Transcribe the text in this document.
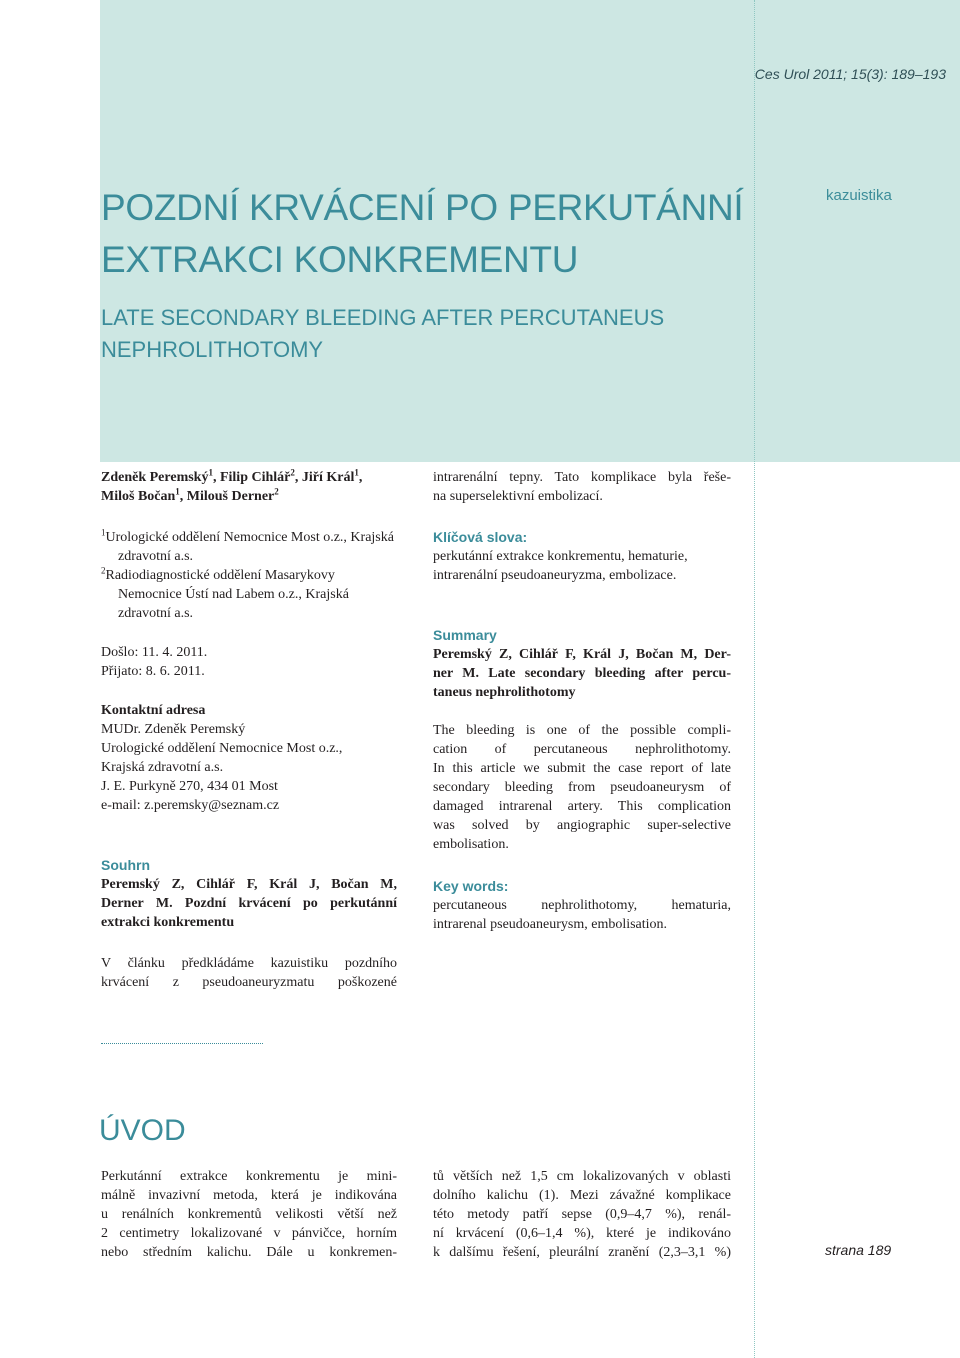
Ces Urol 2011; 15(3): 189–193
kazuistika
POZDNÍ KRVÁCENÍ PO PERKUTÁNNÍ
EXTRAKCI KONKREMENTU
LATE SECONDARY BLEEDING AFTER PERCUTANEUS
NEPHROLITHOTOMY
Zdeněk Peremský$^1$, Filip Cihlář$^2$, Jiří Král$^1$,
Miloš Bočan$^1$, Milouš Derner$^2$
$^1$Urologické oddělení Nemocnice Most o.z., Krajská zdravotní a.s.
$^2$Radiodiagnostické oddělení Masarykovy Nemocnice Ústí nad Labem o.z., Krajská zdravotní a.s.
Došlo: 11. 4. 2011.
Přijato: 8. 6. 2011.
Kontaktní adresa
MUDr. Zdeněk Peremský
Urologické oddělení Nemocnice Most o.z.,
Krajská zdravotní a.s.
J. E. Purkyně 270, 434 01 Most
e-mail: z.peremsky@seznam.cz
Souhrn
Peremský Z, Cihlář F, Král J, Bočan M,
Derner M. Pozdní krvácení po perkutánní
extrakci konkrementu
V článku předkládáme kazuistiku pozdního
krvácení z pseudoaneuryzmatu poškozené
intrarenální tepny. Tato komplikace byla řeše-
na superselektivní embolizací.
Klíčová slova:
perkutánní extrakce konkrementu, hematurie,
intrarenální pseudoaneuryzma, embolizace.
Summary
Peremský Z, Cihlář F, Král J, Bočan M, Der-
ner M. Late secondary bleeding after percu-
taneus nephrolithotomy
The bleeding is one of the possible compli-
cation of percutaneous nephrolithotomy.
In this article we submit the case report of late
secondary bleeding from pseudoaneurysm of
damaged intrarenal artery. This complication
was solved by angiographic super-selective
embolisation.
Key words:
percutaneous nephrolithotomy, hematuria,
intrarenal pseudoaneurysm, embolisation.
ÚVOD
Perkutánní extrakce konkrementu je mini-
málně invazivní metoda, která je indikována
u renálních konkrementů velikosti větší než
2 centimetry lokalizované v pánvičce, horním
nebo středním kalichu. Dále u konkremen-
tů větších než 1,5 cm lokalizovaných v oblasti
dolního kalichu (1). Mezi závažné komplikace
této metody patří sepse (0,9–4,7 %), renál-
ní krvácení (0,6–1,4 %), které je indikováno
k dalšímu řešení, pleurální zranění (2,3–3,1 %)	strana 189
